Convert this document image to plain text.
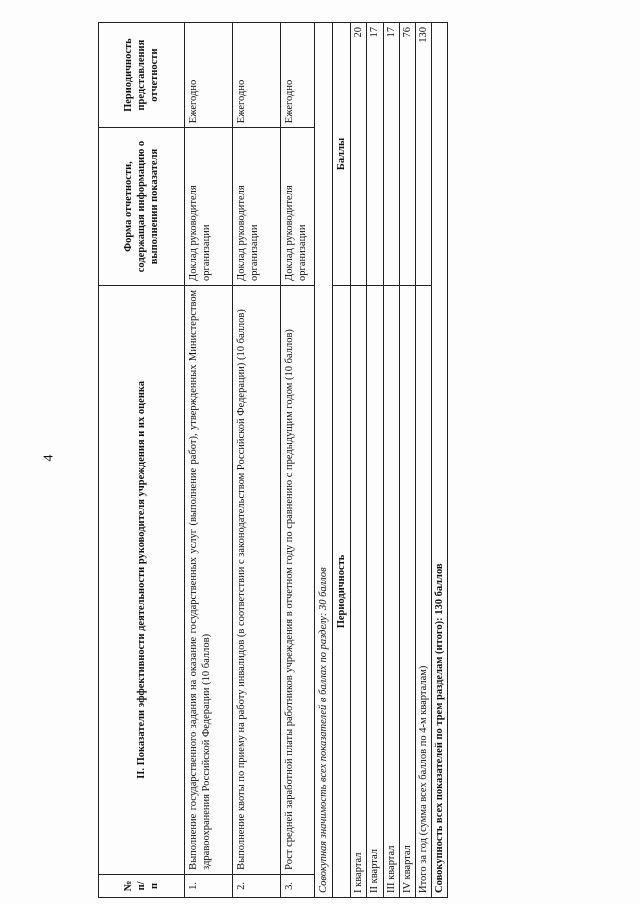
4
№ п/п	II. Показатели эффективности деятельности руководителя учреждения и их оценка	Форма отчетности, содержащая информацию о выполнении показателя	Периодичность представления отчетности
1.	Выполнение государственного задания на оказание государственных услуг (выполнение работ), утвержденных Министерством здравоохранения Российской Федерации (10 баллов)	Доклад руководителя организации	Ежегодно
2.	Выполнение квоты по приему на работу инвалидов (в соответствии с законодательством Российской Федерации) (10 баллов)	Доклад руководителя организации	Ежегодно
3.	Рост средней заработной платы работников учреждения в отчетном году по сравнению с предыдущим годом (10 баллов)	Доклад руководителя организации	Ежегодно
Совокупная значимость всех показателей в баллах по разделу: 30 баллов			
Периодичность		Баллы	
I квартал		20	
II квартал		17	
III квартал		17	
IV квартал		76	
Итого за год (сумма всех баллов по 4-м кварталам)		130	
Совокупность всех показателей по трем разделам (итого): 130 баллов			
